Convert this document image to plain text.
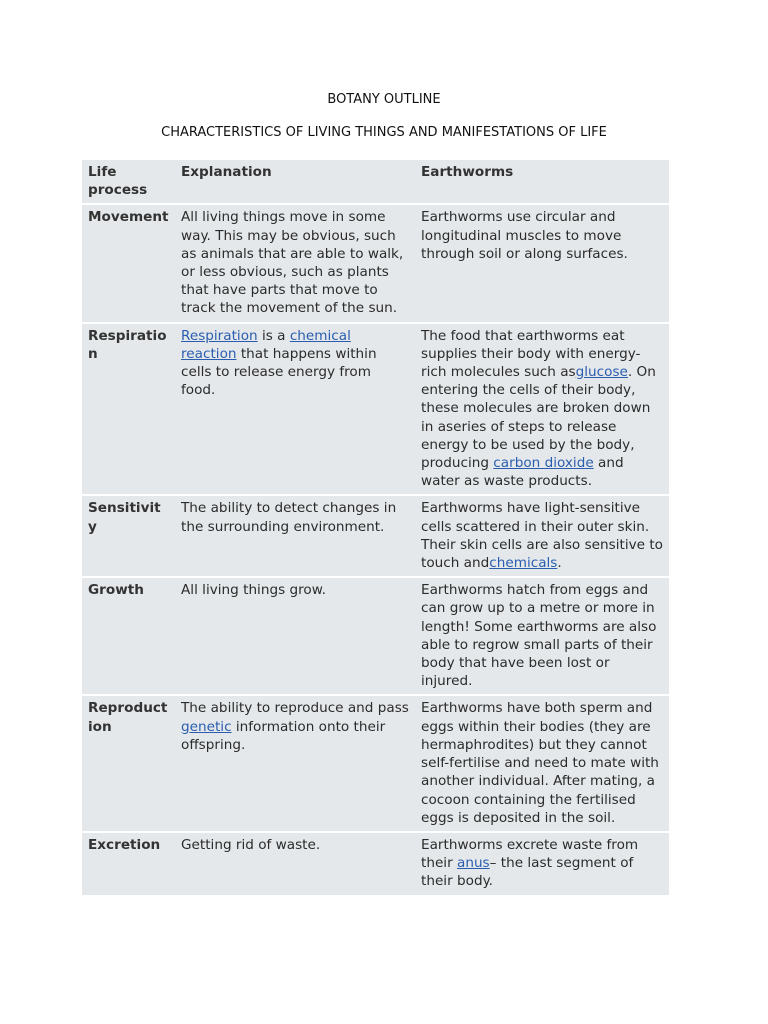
BOTANY OUTLINE
CHARACTERISTICS OF LIVING THINGS AND MANIFESTATIONS OF LIFE
Life process	Explanation	Earthworms
Movement	All living things move in some way. This may be obvious, such as animals that are able to walk, or less obvious, such as plants that have parts that move to track the movement of the sun.	Earthworms use circular and longitudinal muscles to move through soil or along surfaces.
Respiration	Respiration is a chemical reaction that happens within cells to release energy from food.	The food that earthworms eat supplies their body with energy-rich molecules such asglucose. On entering the cells of their body, these molecules are broken down in aseries of steps to release energy to be used by the body, producing carbon dioxide and water as waste products.
Sensitivity	The ability to detect changes in the surrounding environment.	Earthworms have light-sensitive cells scattered in their outer skin. Their skin cells are also sensitive to touch andchemicals.
Growth	All living things grow.	Earthworms hatch from eggs and can grow up to a metre or more in length! Some earthworms are also able to regrow small parts of their body that have been lost or injured.
Reproduction	The ability to reproduce and pass genetic information onto their offspring.	Earthworms have both sperm and eggs within their bodies (they are hermaphrodites) but they cannot self-fertilise and need to mate with another individual. After mating, a cocoon containing the fertilised eggs is deposited in the soil.
Excretion	Getting rid of waste.	Earthworms excrete waste from their anus– the last segment of their body.
